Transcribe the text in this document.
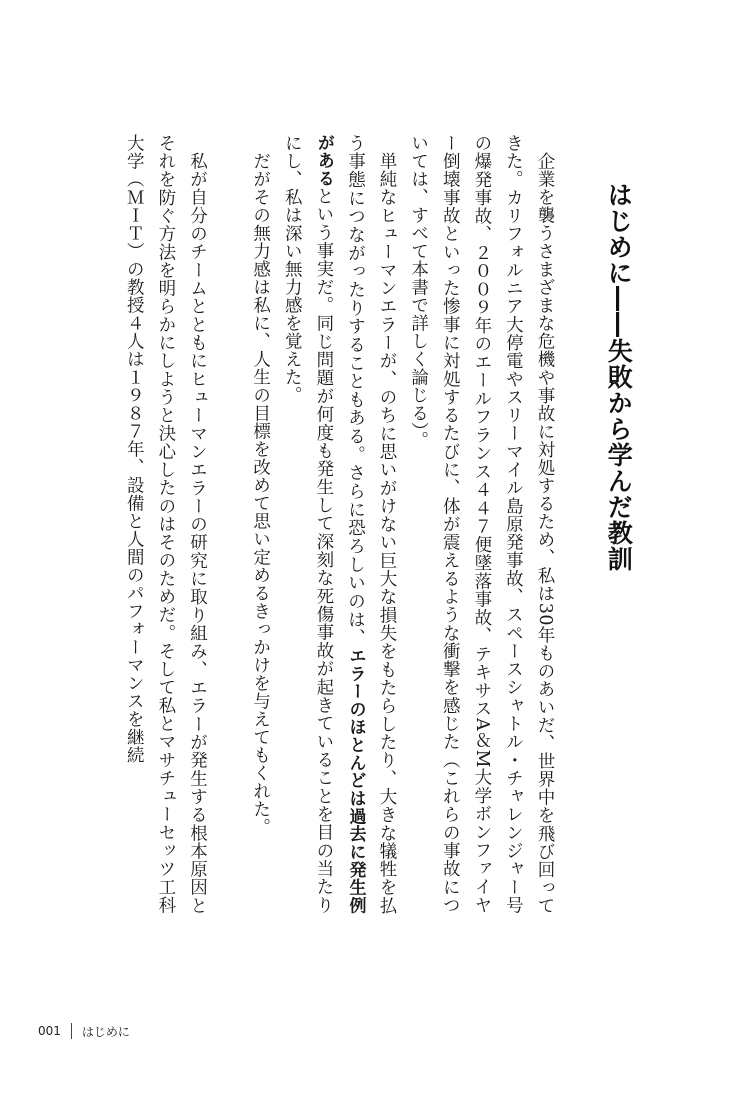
はじめに――失敗から学んだ教訓

企業を襲うさまざまな危機や事故に対処するため、私は30年ものあいだ、世界中を飛び回ってきた。カリフォルニア大停電やスリーマイル島原発事故、スペースシャトル・チャレンジャー号の爆発事故、２００９年のエールフランス４４７便墜落事故、テキサスA＆M大学ボンファイヤー倒壊事故といった惨事に対処するたびに、体が震えるような衝撃を感じた（これらの事故については、すべて本書で詳しく論じる）。

単純なヒューマンエラーが、のちに思いがけない巨大な損失をもたらしたり、大きな犠牲を払う事態につながったりすることもある。さらに恐ろしいのは、エラーのほとんどは過去に発生例があるという事実だ。同じ問題が何度も発生して深刻な死傷事故が起きていることを目の当たりにし、私は深い無力感を覚えた。

だがその無力感は私に、人生の目標を改めて思い定めるきっかけを与えてもくれた。

私が自分のチームとともにヒューマンエラーの研究に取り組み、エラーが発生する根本原因とそれを防ぐ方法を明らかにしようと決心したのはそのためだ。そして私とマサチューセッツ工科大学（ＭＩＴ）の教授４人は１９８７年、設備と人間のパフォーマンスを継続

001 はじめに
